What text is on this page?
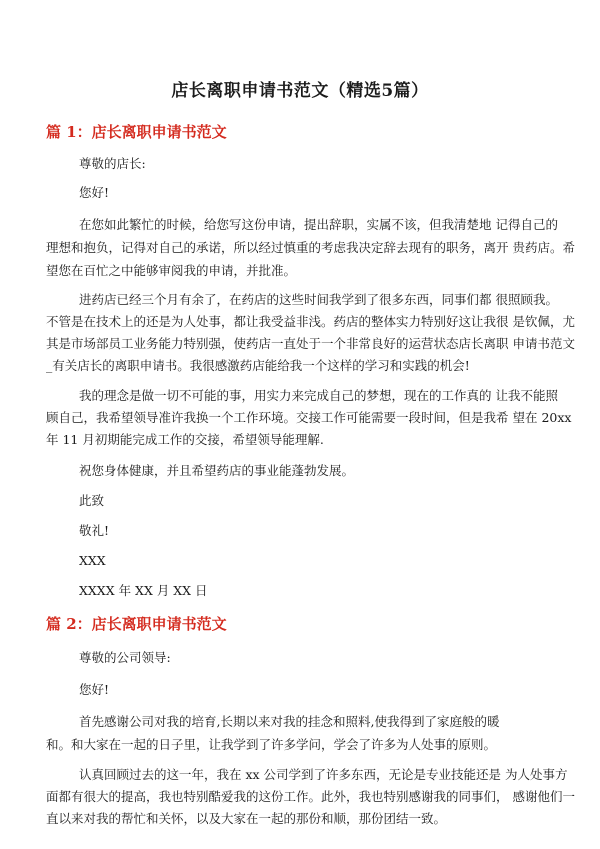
店长离职申请书范文（精选5篇）
篇 1：店长离职申请书范文
尊敬的店长:
您好!
在您如此繁忙的时候，给您写这份申请，提出辞职，实属不该，但我清楚地 记得自己的
理想和抱负，记得对自己的承诺，所以经过慎重的考虑我决定辞去现有的职务，离开 贵药店。希
望您在百忙之中能够审阅我的申请，并批准。
进药店已经三个月有余了，在药店的这些时间我学到了很多东西，同事们都 很照顾我。
不管是在技术上的还是为人处事，都让我受益非浅。药店的整体实力特别好这让我很 是钦佩，尤
其是市场部员工业务能力特别强，使药店一直处于一个非常良好的运营状态店长离职 申请书范文
_有关店长的离职申请书。我很感激药店能给我一个这样的学习和实践的机会!
我的理念是做一切不可能的事，用实力来完成自己的梦想，现在的工作真的 让我不能照
顾自己，我希望领导准许我换一个工作环境。交接工作可能需要一段时间，但是我希 望在 20xx
年 11 月初期能完成工作的交接，希望领导能理解.
祝您身体健康，并且希望药店的事业能蓬勃发展。
此致
敬礼!
XXX
XXXX 年 XX 月 XX 日
篇 2：店长离职申请书范文
尊敬的公司领导:
您好!
首先感谢公司对我的培育,长期以来对我的挂念和照料,使我得到了家庭般的暖
和。和大家在一起的日子里，让我学到了许多学问，学会了许多为人处事的原则。
认真回顾过去的这一年，我在 xx 公司学到了许多东西，无论是专业技能还是 为人处事方
面都有很大的提高，我也特别酷爱我的这份工作。此外，我也特别感谢我的同事们， 感谢他们一
直以来对我的帮忙和关怀，以及大家在一起的那份和顺，那份团结一致。
